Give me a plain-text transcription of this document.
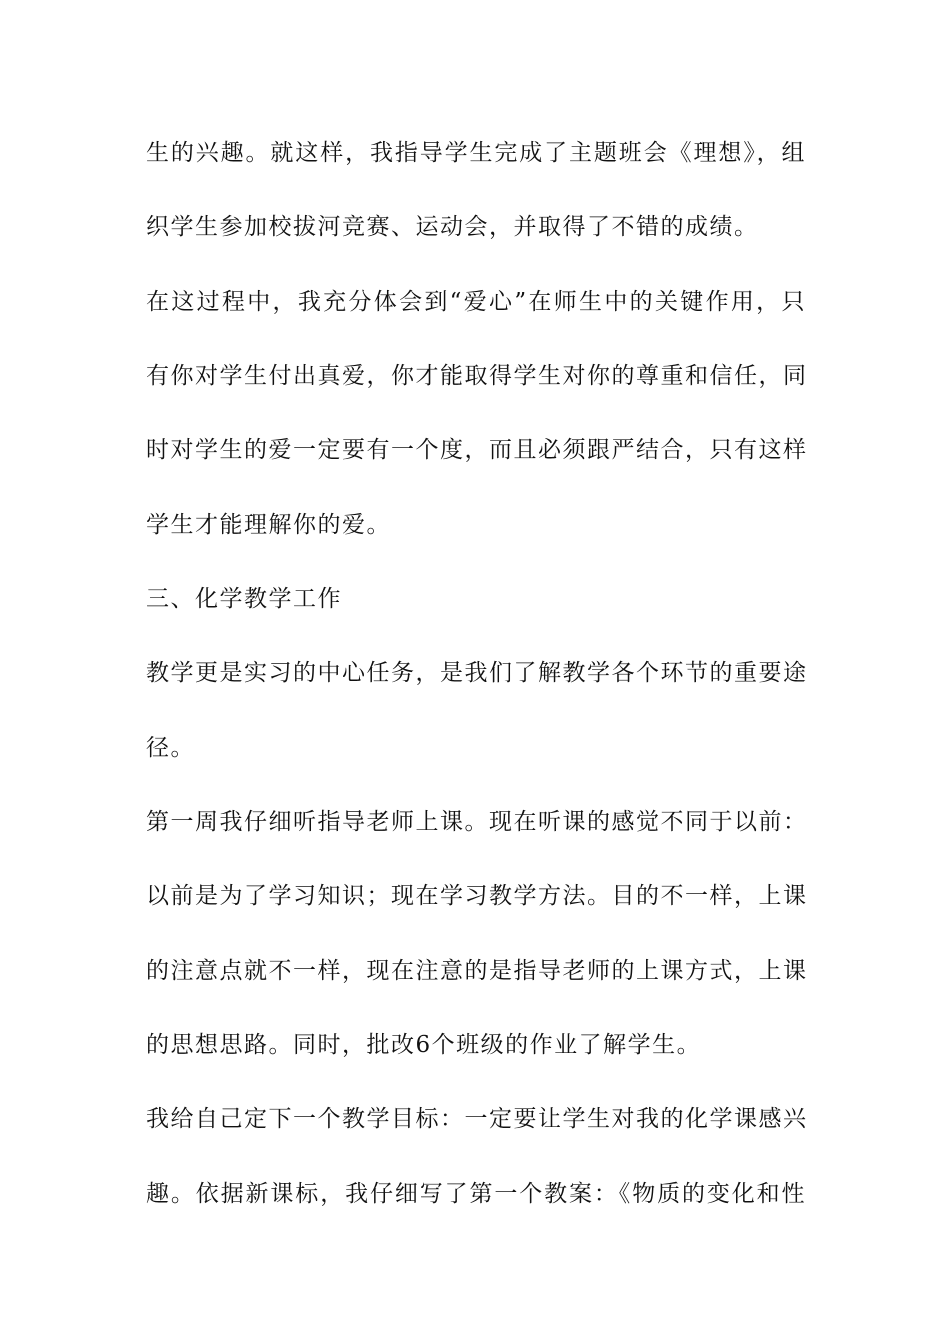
生的兴趣。就这样，我指导学生完成了主题班会《理想》，组
织学生参加校拔河竞赛、运动会，并取得了不错的成绩。
在这过程中，我充分体会到“爱心”在师生中的关键作用，只
有你对学生付出真爱，你才能取得学生对你的尊重和信任，同
时对学生的爱一定要有一个度，而且必须跟严结合，只有这样
学生才能理解你的爱。
三、化学教学工作
教学更是实习的中心任务，是我们了解教学各个环节的重要途
径。
第一周我仔细听指导老师上课。现在听课的感觉不同于以前：
以前是为了学习知识；现在学习教学方法。目的不一样，上课
的注意点就不一样，现在注意的是指导老师的上课方式，上课
的思想思路。同时，批改6个班级的作业了解学生。
我给自己定下一个教学目标：一定要让学生对我的化学课感兴
趣。依据新课标，我仔细写了第一个教案：《物质的变化和性
